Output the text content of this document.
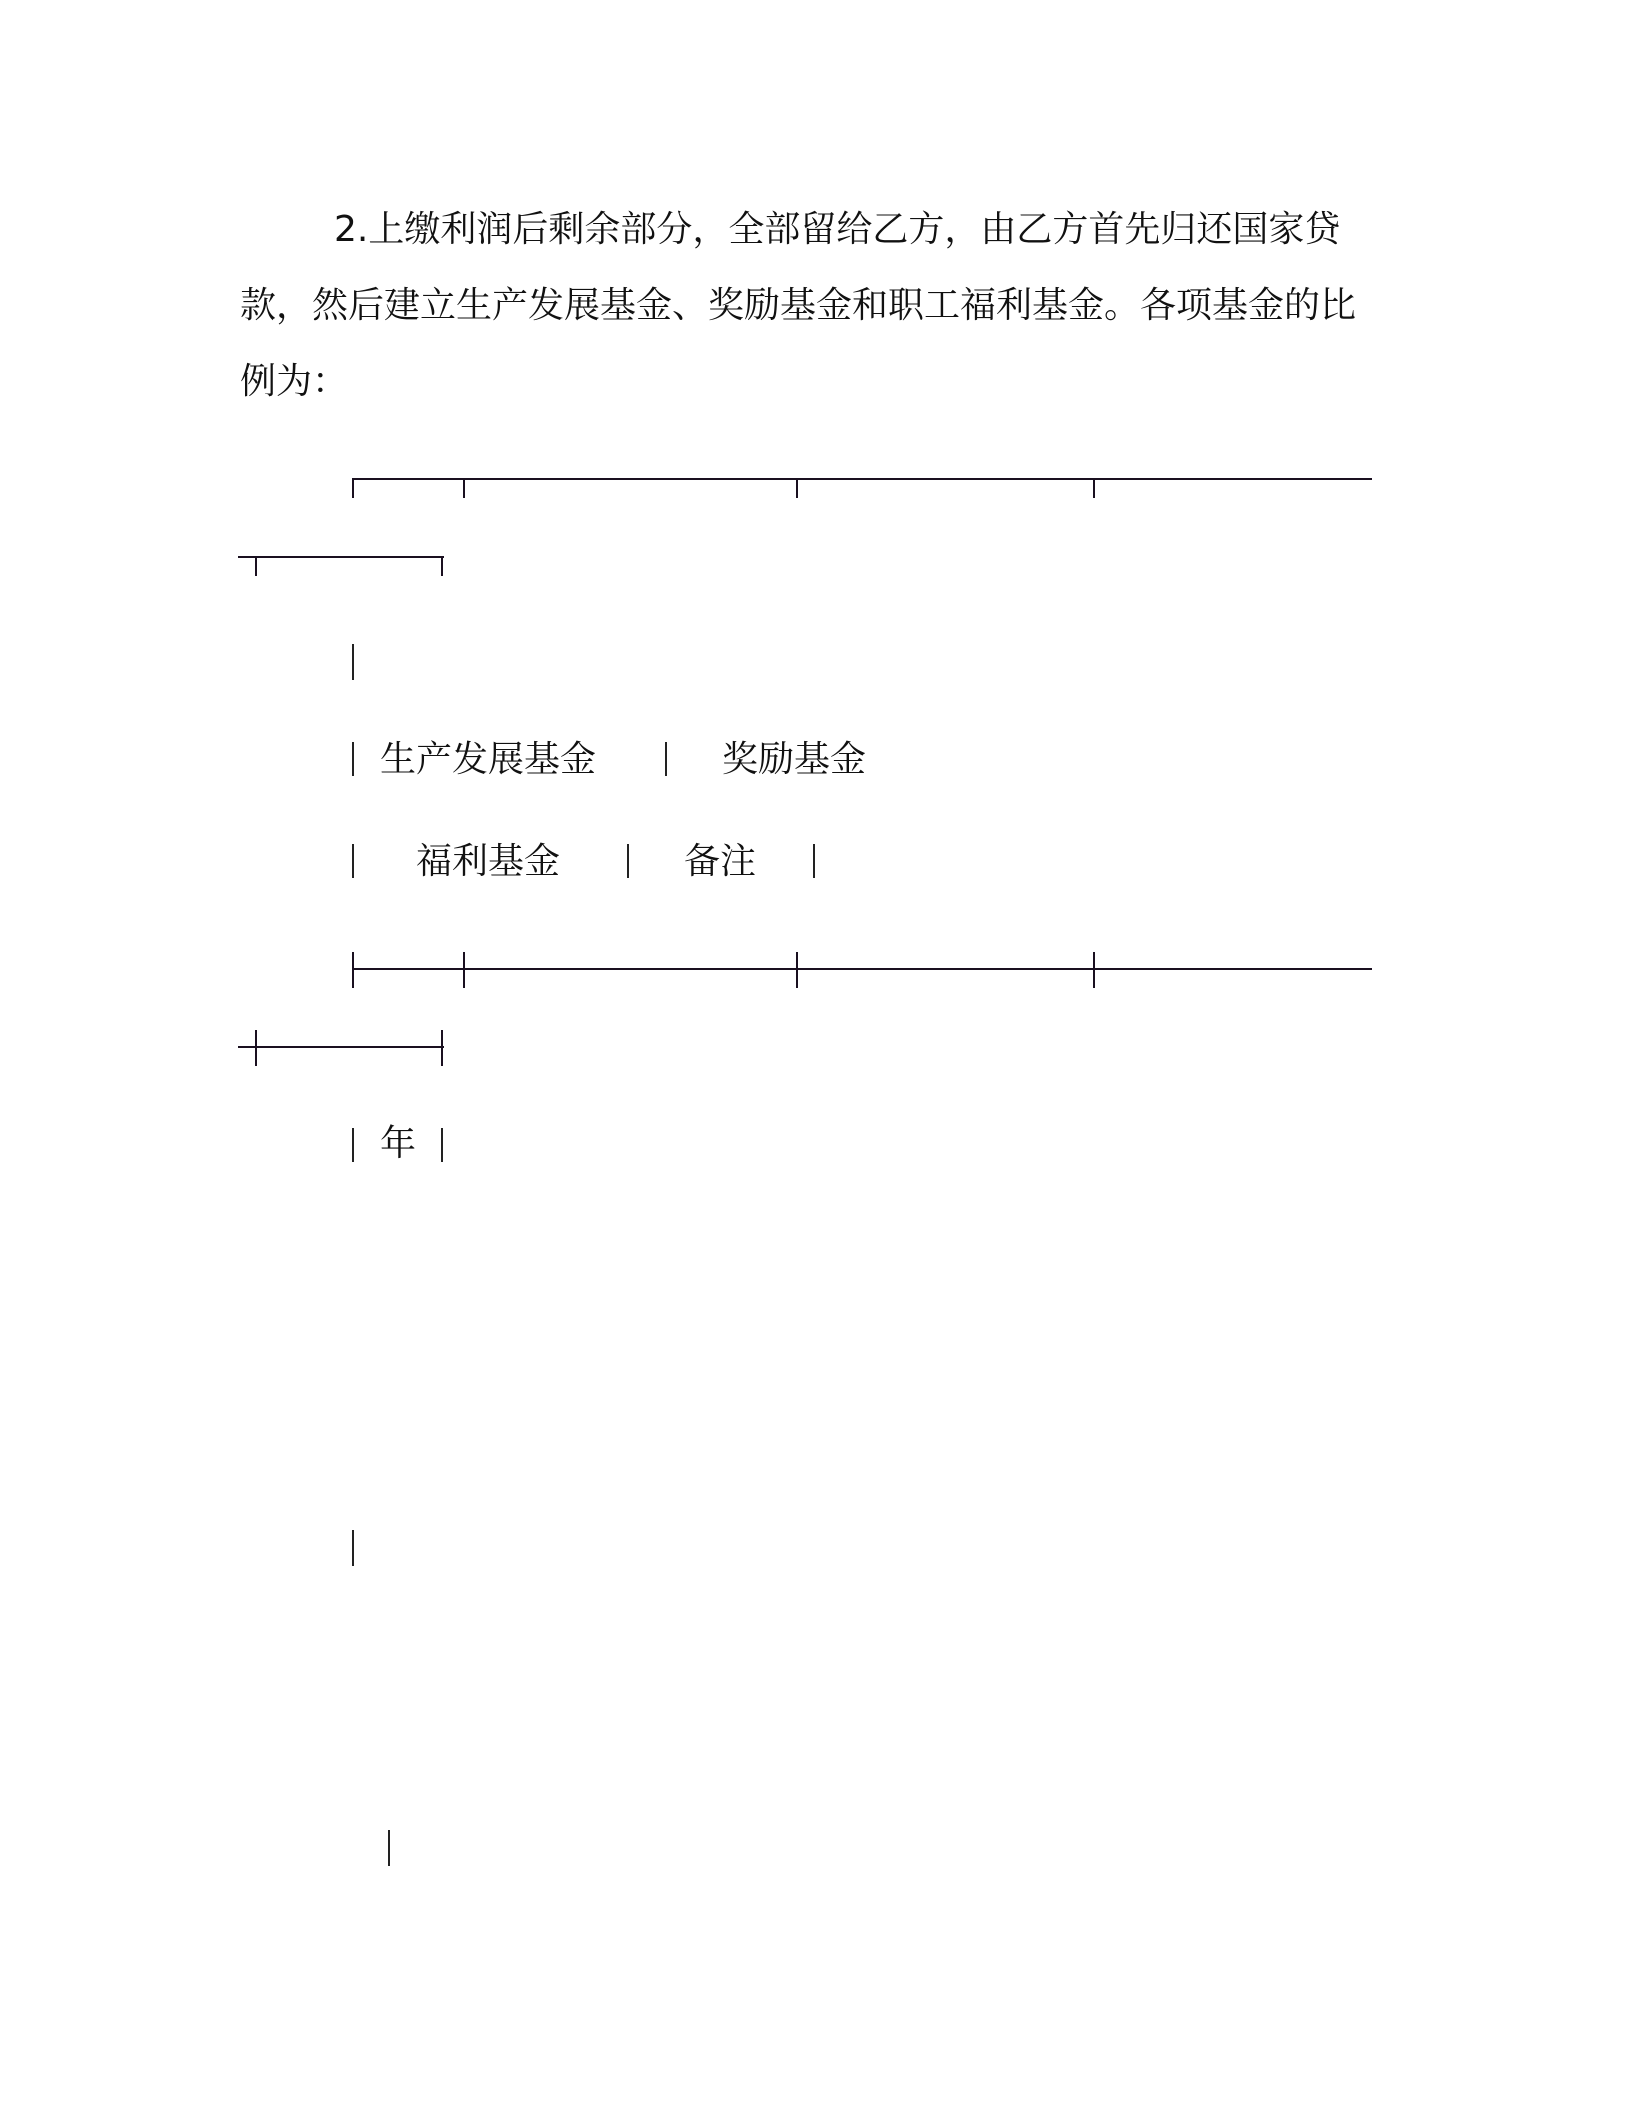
2.上缴利润后剩余部分，全部留给乙方，由乙方首先归还国家贷款，然后建立生产发展基金、奖励基金和职工福利基金。各项基金的比例为：

生产发展基金	奖励基金
福利基金	备注
年
